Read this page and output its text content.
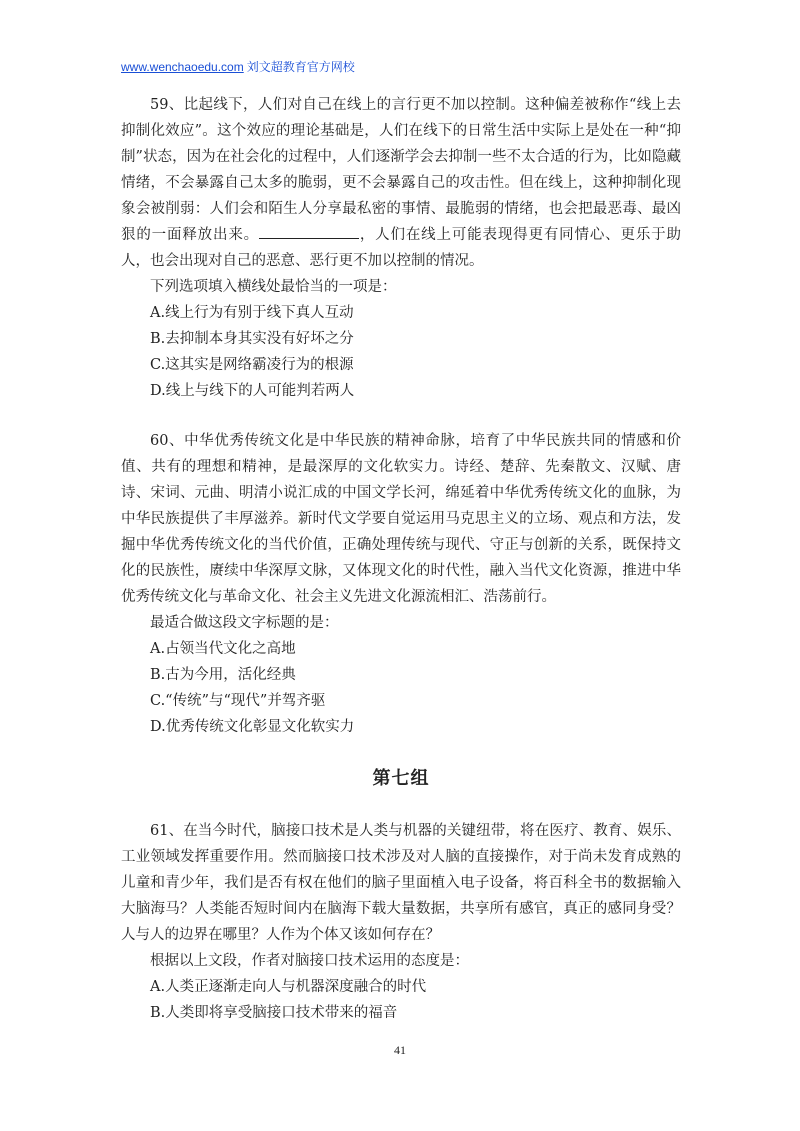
www.wenchaoedu.com 刘文超教育官方网校

59、比起线下，人们对自己在线上的言行更不加以控制。这种偏差被称作“线上去抑制化效应”。这个效应的理论基础是，人们在线下的日常生活中实际上是处在一种“抑制”状态，因为在社会化的过程中，人们逐渐学会去抑制一些不太合适的行为，比如隐藏情绪，不会暴露自己太多的脆弱，更不会暴露自己的攻击性。但在线上，这种抑制化现象会被削弱：人们会和陌生人分享最私密的事情、最脆弱的情绪，也会把最恶毒、最凶狠的一面释放出来。	，人们在线上可能表现得更有同情心、更乐于助人，也会出现对自己的恶意、恶行更不加以控制的情况。

下列选项填入横线处最恰当的一项是：

A.线上行为有别于线下真人互动

B.去抑制本身其实没有好坏之分

C.这其实是网络霸凌行为的根源

D.线上与线下的人可能判若两人

60、中华优秀传统文化是中华民族的精神命脉，培育了中华民族共同的情感和价值、共有的理想和精神，是最深厚的文化软实力。诗经、楚辞、先秦散文、汉赋、唐诗、宋词、元曲、明清小说汇成的中国文学长河，绵延着中华优秀传统文化的血脉，为中华民族提供了丰厚滋养。新时代文学要自觉运用马克思主义的立场、观点和方法，发掘中华优秀传统文化的当代价值，正确处理传统与现代、守正与创新的关系，既保持文化的民族性，赓续中华深厚文脉，又体现文化的时代性，融入当代文化资源，推进中华优秀传统文化与革命文化、社会主义先进文化源流相汇、浩荡前行。

最适合做这段文字标题的是：

A.占领当代文化之高地

B.古为今用，活化经典

C.“传统”与“现代”并驾齐驱

D.优秀传统文化彰显文化软实力

第七组

61、在当今时代，脑接口技术是人类与机器的关键纽带，将在医疗、教育、娱乐、工业领域发挥重要作用。然而脑接口技术涉及对人脑的直接操作，对于尚未发育成熟的儿童和青少年，我们是否有权在他们的脑子里面植入电子设备，将百科全书的数据输入大脑海马？人类能否短时间内在脑海下载大量数据，共享所有感官，真正的感同身受？人与人的边界在哪里？人作为个体又该如何存在？

根据以上文段，作者对脑接口技术运用的态度是：

A.人类正逐渐走向人与机器深度融合的时代

B.人类即将享受脑接口技术带来的福音

41
